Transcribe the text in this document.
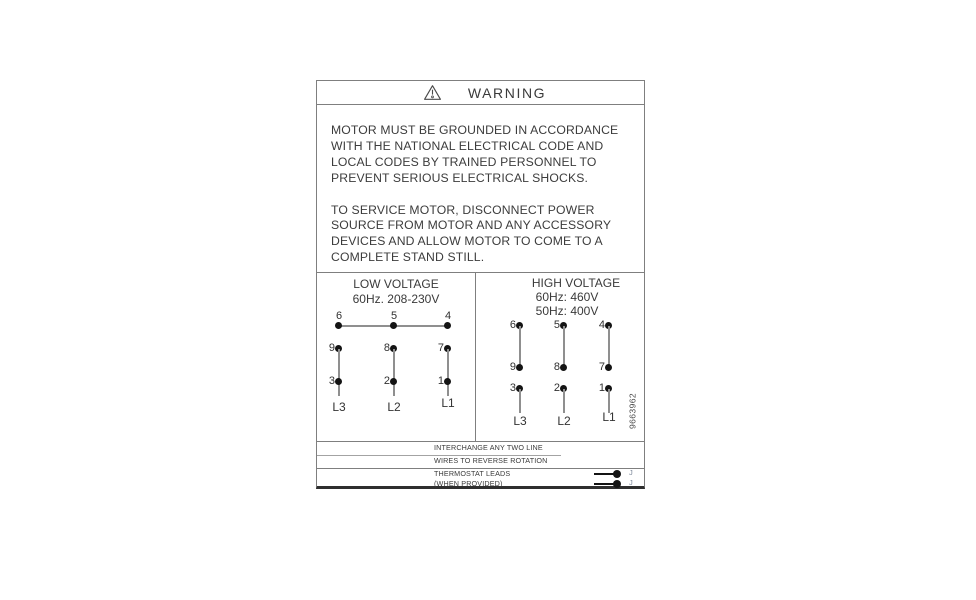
WARNING
MOTOR MUST BE GROUNDED IN ACCORDANCE
WITH THE NATIONAL ELECTRICAL CODE AND
LOCAL CODES BY TRAINED PERSONNEL TO
PREVENT SERIOUS ELECTRICAL SHOCKS.
TO SERVICE MOTOR, DISCONNECT POWER
SOURCE FROM MOTOR AND ANY ACCESSORY
DEVICES AND ALLOW MOTOR TO COME TO A
COMPLETE STAND STILL.
LOW VOLTAGE
60Hz. 208-230V
6	5	4
9	8	7
3	2	1
L3	L2	L1
HIGH VOLTAGE
60Hz: 460V
50Hz: 400V
6	5	4
9	8	7
3	2	1
L3	L2	L1	9663962
INTERCHANGE ANY TWO LINE
WIRES TO REVERSE ROTATION
THERMOSTAT LEADS
(WHEN PROVIDED)
J
J
